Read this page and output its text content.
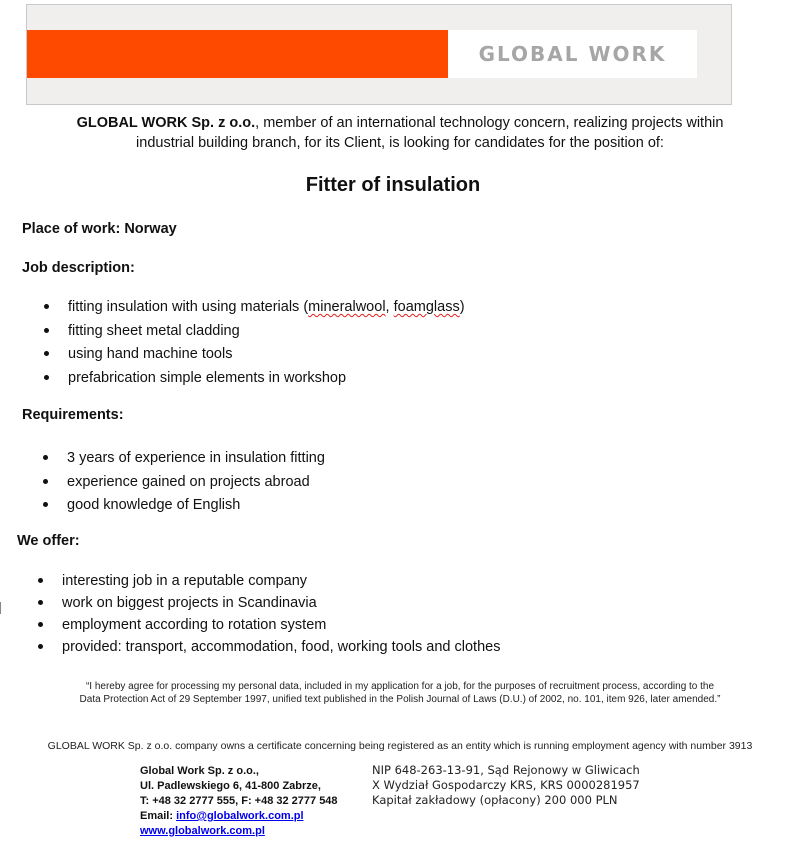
GLOBAL WORK
GLOBAL WORK Sp. z o.o., member of an international technology concern, realizing projects within
industrial building branch, for its Client, is looking for candidates for the position of:
Fitter of insulation
Place of work: Norway
Job description:
fitting insulation with using materials (mineralwool, foamglass)
fitting sheet metal cladding
using hand machine tools
prefabrication simple elements in workshop
Requirements:
3 years of experience in insulation fitting
experience gained on projects abroad
good knowledge of English
We offer:
interesting job in a reputable company
work on biggest projects in Scandinavia
employment according to rotation system
provided: transport, accommodation, food, working tools and clothes
“I hereby agree for processing my personal data, included in my application for a job, for the purposes of recruitment process, according to the
Data Protection Act of 29 September 1997, unified text published in the Polish Journal of Laws (D.U.) of 2002, no. 101, item 926, later amended.”
GLOBAL WORK Sp. z o.o. company owns a certificate concerning being registered as an entity which is running employment agency with number 3913
Global Work Sp. z o.o.,
Ul. Padlewskiego 6, 41-800 Zabrze,
T: +48 32 2777 555, F: +48 32 2777 548
Email: info@globalwork.com.pl
www.globalwork.com.pl
NIP 648-263-13-91, Sąd Rejonowy w Gliwicach
X Wydział Gospodarczy KRS, KRS 0000281957
Kapitał zakładowy (opłacony) 200 000 PLN
